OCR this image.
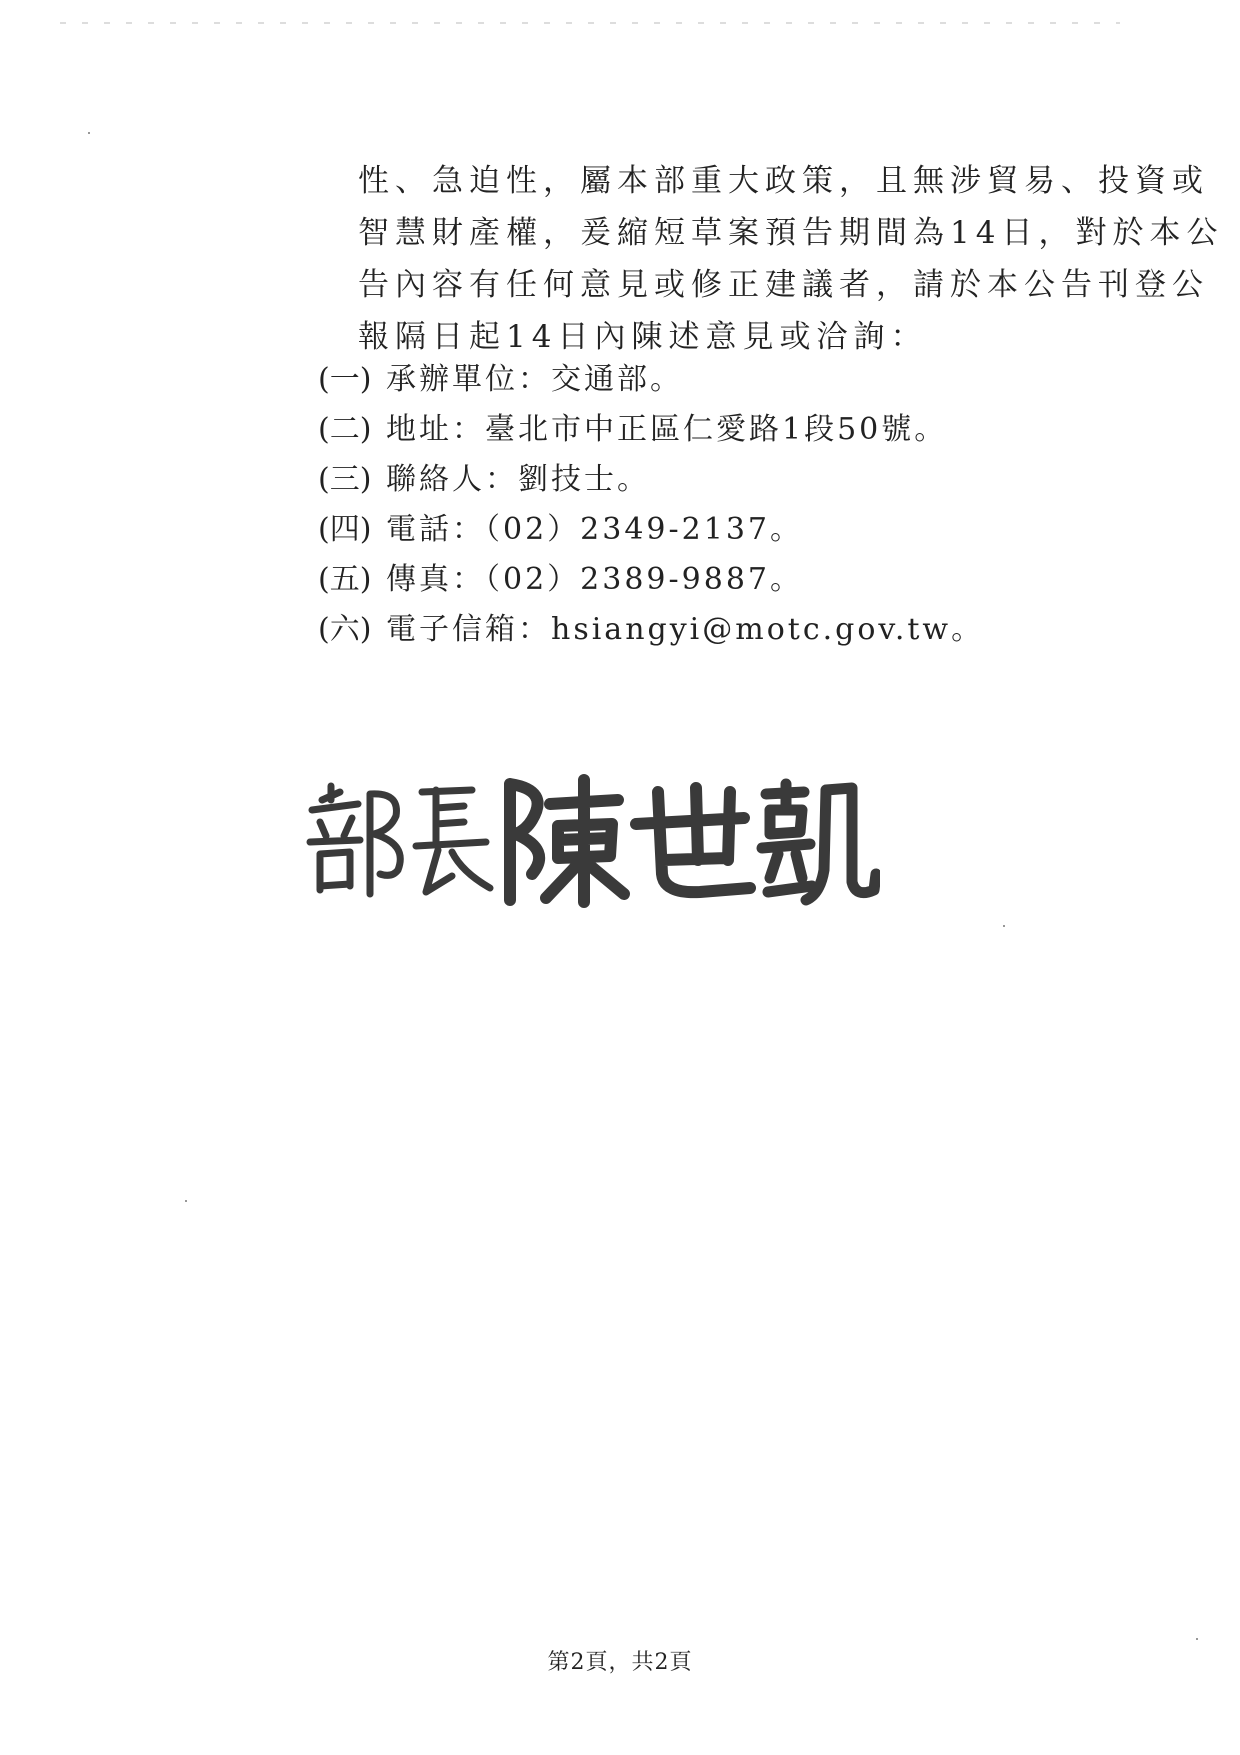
性、急迫性，屬本部重大政策，且無涉貿易、投資或
智慧財產權，爰縮短草案預告期間為14日，對於本公
告內容有任何意見或修正建議者，請於本公告刊登公
報隔日起14日內陳述意見或洽詢：
(一) 承辦單位：交通部。
(二) 地址：臺北市中正區仁愛路1段50號。
(三) 聯絡人：劉技士。
(四) 電話：（02）2349-2137。
(五) 傳真：（02）2389-9887。
(六) 電子信箱：hsiangyi@motc.gov.tw。
第2頁，共2頁
